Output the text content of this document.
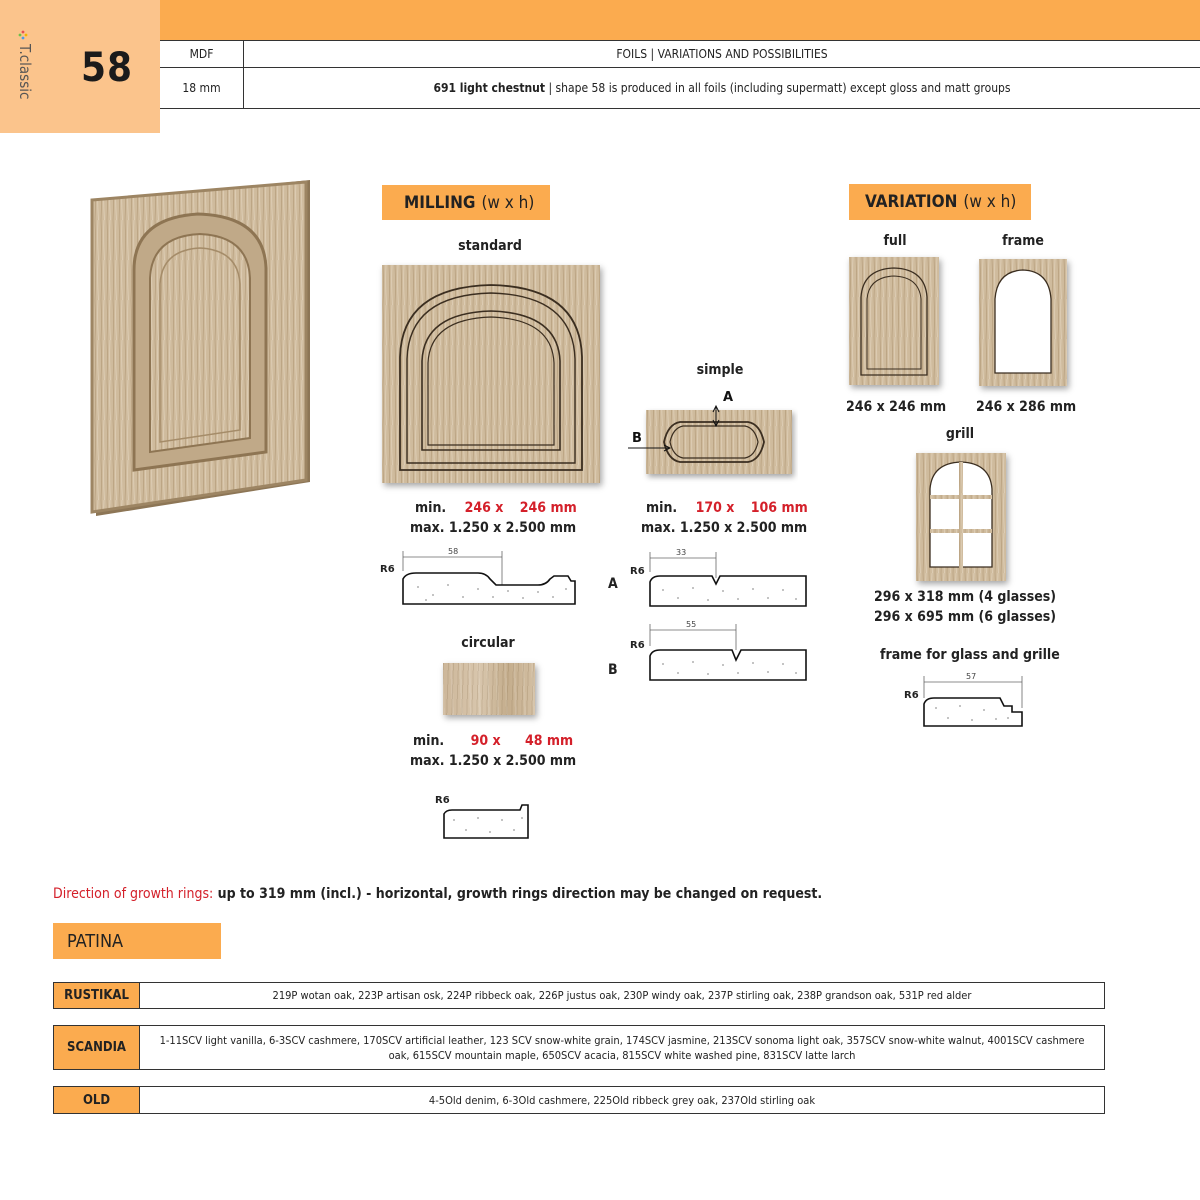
T.classic	58	MDF	FOILS | VARIATIONS AND POSSIBILITIES
18 mm	691 light chestnut | shape 58 is produced in all foils (including supermatt) except gloss and matt groups
MILLING (w x h)
standard
min. 246 x 246 mm
max. 1.250 x 2.500 mm
R6
58
simple
A
B
min. 170 x 106 mm
max. 1.250 x 2.500 mm
A
R6
33
B
R6
55
circular
min. 90 x 48 mm
max. 1.250 x 2.500 mm
R6
VARIATION (w x h)
full
246 x 246 mm
frame
246 x 286 mm
grill
296 x 318 mm (4 glasses)
296 x 695 mm (6 glasses)
frame for glass and grille
R6
57
Direction of growth rings: up to 319 mm (incl.) - horizontal, growth rings direction may be changed on request.
PATINA
RUSTIKAL	219P wotan oak, 223P artisan osk, 224P ribbeck oak, 226P justus oak, 230P windy oak, 237P stirling oak, 238P grandson oak, 531P red alder
SCANDIA	1-11SCV light vanilla, 6-3SCV cashmere, 170SCV artificial leather, 123 SCV snow-white grain, 174SCV jasmine, 213SCV sonoma light oak, 357SCV snow-white walnut, 4001SCV cashmere oak, 615SCV mountain maple, 650SCV acacia, 815SCV white washed pine, 831SCV latte larch
OLD	4-5Old denim, 6-3Old cashmere, 225Old ribbeck grey oak, 237Old stirling oak
